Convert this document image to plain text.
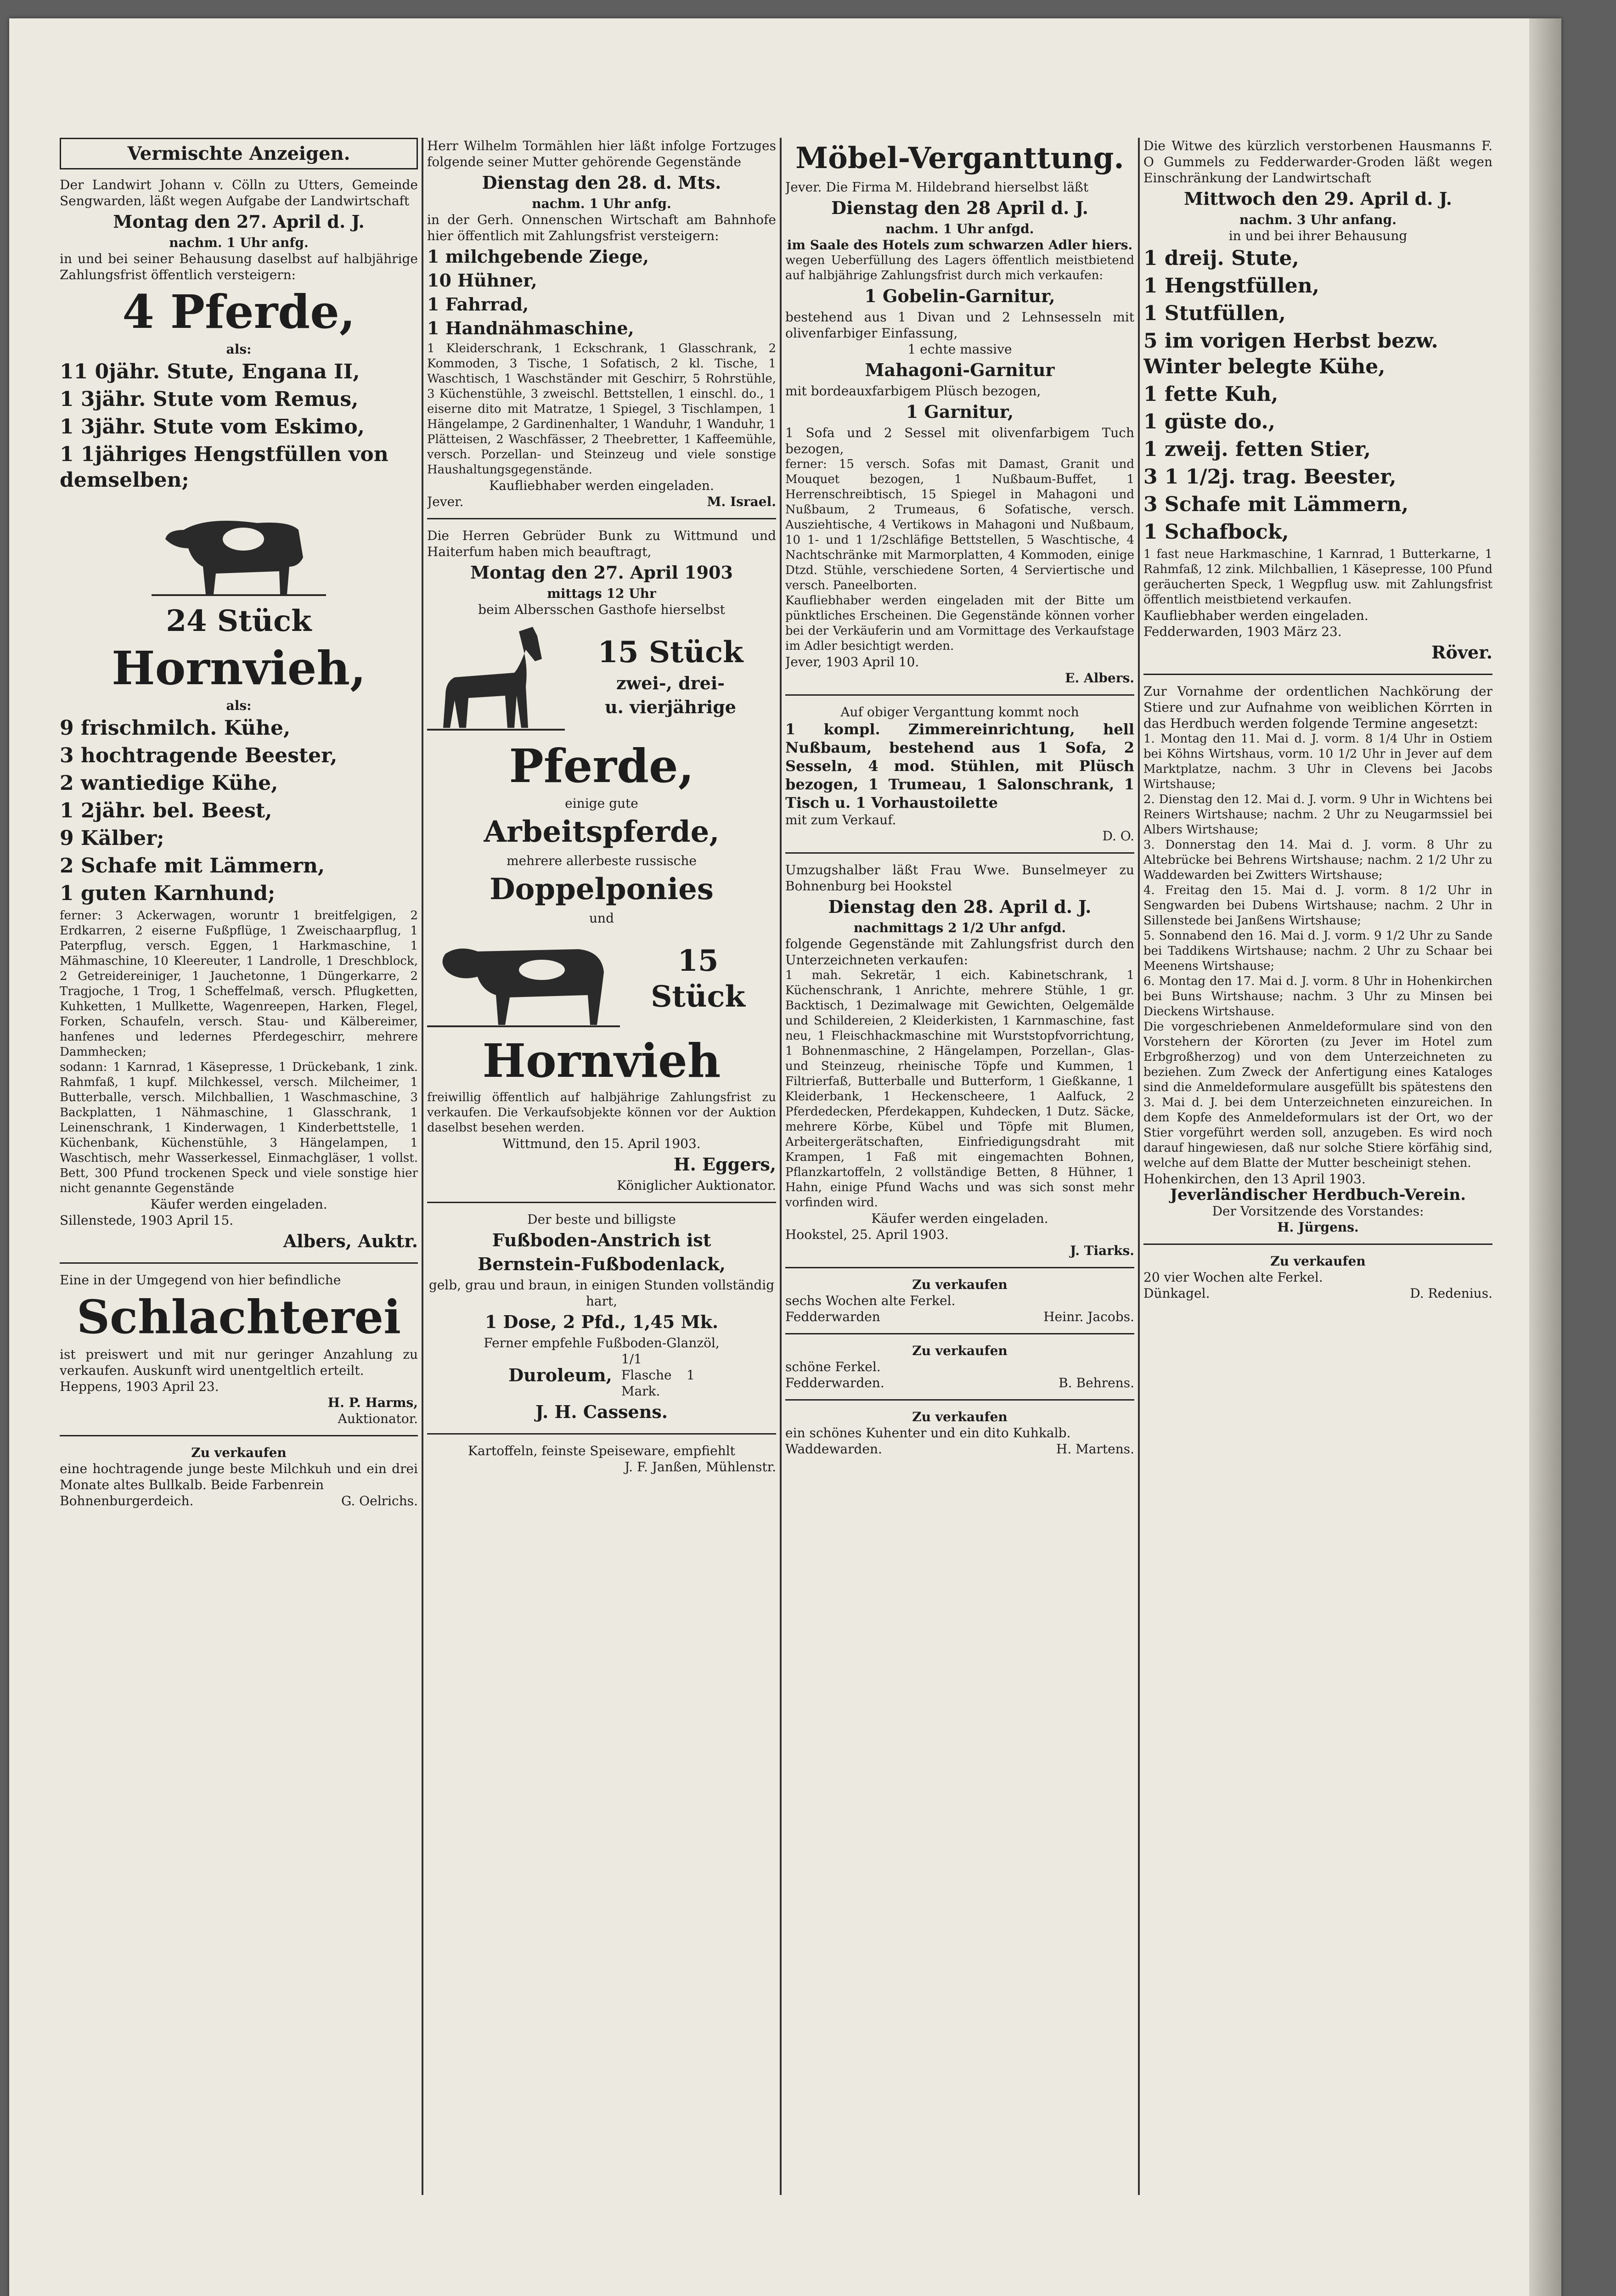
Vermischte Anzeigen.

Der Landwirt Johann v. Cölln zu Utters, Gemeinde Sengwarden, läßt wegen Aufgabe der Landwirtschaft

Montag den 27. April d. J.

nachm. 1 Uhr anfg.

in und bei seiner Behausung daselbst auf halbjährige Zahlungsfrist öffentlich versteigern:

4 Pferde,

als:

11 0jähr. Stute, Engana II,

1 3jähr. Stute vom Remus,

1 3jähr. Stute vom Eskimo,

1 1jähriges Hengstfüllen von demselben;

24 Stück

Hornvieh,

als:

9 frischmilch. Kühe,

3 hochtragende Beester,

2 wantiedige Kühe,

1 2jähr. bel. Beest,

9 Kälber;

2 Schafe mit Lämmern,

1 guten Karnhund;

ferner: 3 Ackerwagen, woruntr 1 breitfelgigen, 2 Erdkarren, 2 eiserne Fußpflüge, 1 Zweischaarpflug, 1 Paterpflug, versch. Eggen, 1 Harkmaschine, 1 Mähmaschine, 10 Kleereuter, 1 Landrolle, 1 Dreschblock, 2 Getreidereiniger, 1 Jauchetonne, 1 Düngerkarre, 2 Tragjoche, 1 Trog, 1 Scheffelmaß, versch. Pflugketten, Kuhketten, 1 Mullkette, Wagenreepen, Harken, Flegel, Forken, Schaufeln, versch. Stau- und Kälbereimer, hanfenes und ledernes Pferdegeschirr, mehrere Dammhecken;

sodann: 1 Karnrad, 1 Käsepresse, 1 Drückebank, 1 zink. Rahmfaß, 1 kupf. Milchkessel, versch. Milcheimer, 1 Butterballe, versch. Milchballien, 1 Waschmaschine, 3 Backplatten, 1 Nähmaschine, 1 Glasschrank, 1 Leinenschrank, 1 Kinderwagen, 1 Kinderbettstelle, 1 Küchenbank, Küchenstühle, 3 Hängelampen, 1 Waschtisch, mehr Wasserkessel, Einmachgläser, 1 vollst. Bett, 300 Pfund trockenen Speck und viele sonstige hier nicht genannte Gegenstände

Käufer werden eingeladen.

Sillenstede, 1903 April 15.

Albers, Auktr.

Eine in der Umgegend von hier befindliche

Schlachterei

ist preiswert und mit nur geringer Anzahlung zu verkaufen. Auskunft wird unentgeltlich erteilt.

Heppens, 1903 April 23.

H. P. Harms,

Auktionator.

Zu verkaufen

eine hochtragende junge beste Milchkuh und ein drei Monate altes Bullkalb. Beide Farbenrein

Bohnenburgerdeich.	G. Oelrichs.

Herr Wilhelm Tormählen hier läßt infolge Fortzuges folgende seiner Mutter gehörende Gegenstände

Dienstag den 28. d. Mts.

nachm. 1 Uhr anfg.

in der Gerh. Onnenschen Wirtschaft am Bahnhofe hier öffentlich mit Zahlungsfrist versteigern:

1 milchgebende Ziege,

10 Hühner,

1 Fahrrad,

1 Handnähmaschine,

1 Kleiderschrank, 1 Eckschrank, 1 Glasschrank, 2 Kommoden, 3 Tische, 1 Sofatisch, 2 kl. Tische, 1 Waschtisch, 1 Waschständer mit Geschirr, 5 Rohrstühle, 3 Küchenstühle, 3 zweischl. Bettstellen, 1 einschl. do., 1 eiserne dito mit Matratze, 1 Spiegel, 3 Tischlampen, 1 Hängelampe, 2 Gardinenhalter, 1 Wanduhr, 1 Wanduhr, 1 Plätteisen, 2 Waschfässer, 2 Theebretter, 1 Kaffeemühle, versch. Porzellan- und Steinzeug und viele sonstige Haushaltungsgegenstände.

Kaufliebhaber werden eingeladen.

Jever.	M. Israel.

Die Herren Gebrüder Bunk zu Wittmund und Haiterfum haben mich beauftragt,

Montag den 27. April 1903

mittags 12 Uhr

beim Albersschen Gasthofe hierselbst

15 Stück

zwei-, drei-

u. vierjährige

Pferde,

einige gute

Arbeitspferde,

mehrere allerbeste russische

Doppelponies

und

15

Stück

Hornvieh

freiwillig öffentlich auf halbjährige Zahlungsfrist zu verkaufen. Die Verkaufsobjekte können vor der Auktion daselbst besehen werden.

Wittmund, den 15. April 1903.

H. Eggers,

Königlicher Auktionator.

Der beste und billigste

Fußboden-Anstrich ist

Bernstein-Fußbodenlack,

gelb, grau und braun, in einigen Stunden vollständig hart,

1 Dose, 2 Pfd., 1,45 Mk.

Ferner empfehle Fußboden-Glanzöl,

Duroleum,
1/1 Flasche 1 Mark.

J. H. Cassens.

Kartoffeln, feinste Speiseware, empfiehlt

J. F. Janßen, Mühlenstr.

Möbel-Verganttung.

Jever. Die Firma M. Hildebrand hierselbst läßt

Dienstag den 28 April d. J.

nachm. 1 Uhr anfgd.

im Saale des Hotels zum schwarzen Adler hiers.

wegen Ueberfüllung des Lagers öffentlich meistbietend auf halbjährige Zahlungsfrist durch mich verkaufen:

1 Gobelin-Garnitur,

bestehend aus 1 Divan und 2 Lehnsesseln mit olivenfarbiger Einfassung,

1 echte massive

Mahagoni-Garnitur

mit bordeauxfarbigem Plüsch bezogen,

1 Garnitur,

1 Sofa und 2 Sessel mit olivenfarbigem Tuch bezogen,

ferner: 15 versch. Sofas mit Damast, Granit und Mouquet bezogen, 1 Nußbaum-Buffet, 1 Herrenschreibtisch, 15 Spiegel in Mahagoni und Nußbaum, 2 Trumeaus, 6 Sofatische, versch. Ausziehtische, 4 Vertikows in Mahagoni und Nußbaum, 10 1- und 1 1/2schläfige Bettstellen, 5 Waschtische, 4 Nachtschränke mit Marmorplatten, 4 Kommoden, einige Dtzd. Stühle, verschiedene Sorten, 4 Serviertische und versch. Paneelborten.

Kaufliebhaber werden eingeladen mit der Bitte um pünktliches Erscheinen. Die Gegenstände können vorher bei der Verkäuferin und am Vormittage des Verkaufstage im Adler besichtigt werden.

Jever, 1903 April 10.

E. Albers.

Auf obiger Verganttung kommt noch

1 kompl. Zimmereinrichtung, hell Nußbaum, bestehend aus 1 Sofa, 2 Sesseln, 4 mod. Stühlen, mit Plüsch bezogen, 1 Trumeau, 1 Salonschrank, 1 Tisch u. 1 Vorhaustoilette

mit zum Verkauf.

D. O.

Umzugshalber läßt Frau Wwe. Bunselmeyer zu Bohnenburg bei Hookstel

Dienstag den 28. April d. J.

nachmittags 2 1/2 Uhr anfgd.

folgende Gegenstände mit Zahlungsfrist durch den Unterzeichneten verkaufen:

1 mah. Sekretär, 1 eich. Kabinetschrank, 1 Küchenschrank, 1 Anrichte, mehrere Stühle, 1 gr. Backtisch, 1 Dezimalwage mit Gewichten, Oelgemälde und Schildereien, 2 Kleiderkisten, 1 Karnmaschine, fast neu, 1 Fleischhackmaschine mit Wurststopfvorrichtung, 1 Bohnenmaschine, 2 Hängelampen, Porzellan-, Glas- und Steinzeug, rheinische Töpfe und Kummen, 1 Filtrierfaß, Butterballe und Butterform, 1 Gießkanne, 1 Kleiderbank, 1 Heckenscheere, 1 Aalfuck, 2 Pferdedecken, Pferdekappen, Kuhdecken, 1 Dutz. Säcke, mehrere Körbe, Kübel und Töpfe mit Blumen, Arbeitergerätschaften, Einfriedigungsdraht mit Krampen, 1 Faß mit eingemachten Bohnen, Pflanzkartoffeln, 2 vollständige Betten, 8 Hühner, 1 Hahn, einige Pfund Wachs und was sich sonst mehr vorfinden wird.

Käufer werden eingeladen.

Hookstel, 25. April 1903.

J. Tiarks.

Zu verkaufen

sechs Wochen alte Ferkel.

Fedderwarden	Heinr. Jacobs.

Zu verkaufen

schöne Ferkel.

Fedderwarden.	B. Behrens.

Zu verkaufen

ein schönes Kuhenter und ein dito Kuhkalb.

Waddewarden.	H. Martens.

Die Witwe des kürzlich verstorbenen Hausmanns F. O Gummels zu Fedderwarder-Groden läßt wegen Einschränkung der Landwirtschaft

Mittwoch den 29. April d. J.

nachm. 3 Uhr anfang.

in und bei ihrer Behausung

1 dreij. Stute,

1 Hengstfüllen,

1 Stutfüllen,

5 im vorigen Herbst bezw. Winter belegte Kühe,

1 fette Kuh,

1 güste do.,

1 zweij. fetten Stier,

3 1 1/2j. trag. Beester,

3 Schafe mit Lämmern,

1 Schafbock,

1 fast neue Harkmaschine, 1 Karnrad, 1 Butterkarne, 1 Rahmfaß, 12 zink. Milchballien, 1 Käsepresse, 100 Pfund geräucherten Speck, 1 Wegpflug usw. mit Zahlungsfrist öffentlich meistbietend verkaufen.

Kaufliebhaber werden eingeladen.

Fedderwarden, 1903 März 23.

Röver.

Zur Vornahme der ordentlichen Nachkörung der Stiere und zur Aufnahme von weiblichen Körrten in das Herdbuch werden folgende Termine angesetzt:

1. Montag den 11. Mai d. J. vorm. 8 1/4 Uhr in Ostiem bei Köhns Wirtshaus, vorm. 10 1/2 Uhr in Jever auf dem Marktplatze, nachm. 3 Uhr in Clevens bei Jacobs Wirtshause;

2. Dienstag den 12. Mai d. J. vorm. 9 Uhr in Wichtens bei Reiners Wirtshause; nachm. 2 Uhr zu Neugarmssiel bei Albers Wirtshause;

3. Donnerstag den 14. Mai d. J. vorm. 8 Uhr zu Altebrücke bei Behrens Wirtshause; nachm. 2 1/2 Uhr zu Waddewarden bei Zwitters Wirtshause;

4. Freitag den 15. Mai d. J. vorm. 8 1/2 Uhr in Sengwarden bei Dubens Wirtshause; nachm. 2 Uhr in Sillenstede bei Janßens Wirtshause;

5. Sonnabend den 16. Mai d. J. vorm. 9 1/2 Uhr zu Sande bei Taddikens Wirtshause; nachm. 2 Uhr zu Schaar bei Meenens Wirtshause;

6. Montag den 17. Mai d. J. vorm. 8 Uhr in Hohenkirchen bei Buns Wirtshause; nachm. 3 Uhr zu Minsen bei Dieckens Wirtshause.

Die vorgeschriebenen Anmeldeformulare sind von den Vorstehern der Körorten (zu Jever im Hotel zum Erbgroßherzog) und von dem Unterzeichneten zu beziehen. Zum Zweck der Anfertigung eines Kataloges sind die Anmeldeformulare ausgefüllt bis spätestens den 3. Mai d. J. bei dem Unterzeichneten einzureichen. In dem Kopfe des Anmeldeformulars ist der Ort, wo der Stier vorgeführt werden soll, anzugeben. Es wird noch darauf hingewiesen, daß nur solche Stiere körfähig sind, welche auf dem Blatte der Mutter bescheinigt stehen.

Hohenkirchen, den 13 April 1903.

Jeverländischer Herdbuch-Verein.

Der Vorsitzende des Vorstandes:

H. Jürgens.

Zu verkaufen

20 vier Wochen alte Ferkel.

Dünkagel.	D. Redenius.
